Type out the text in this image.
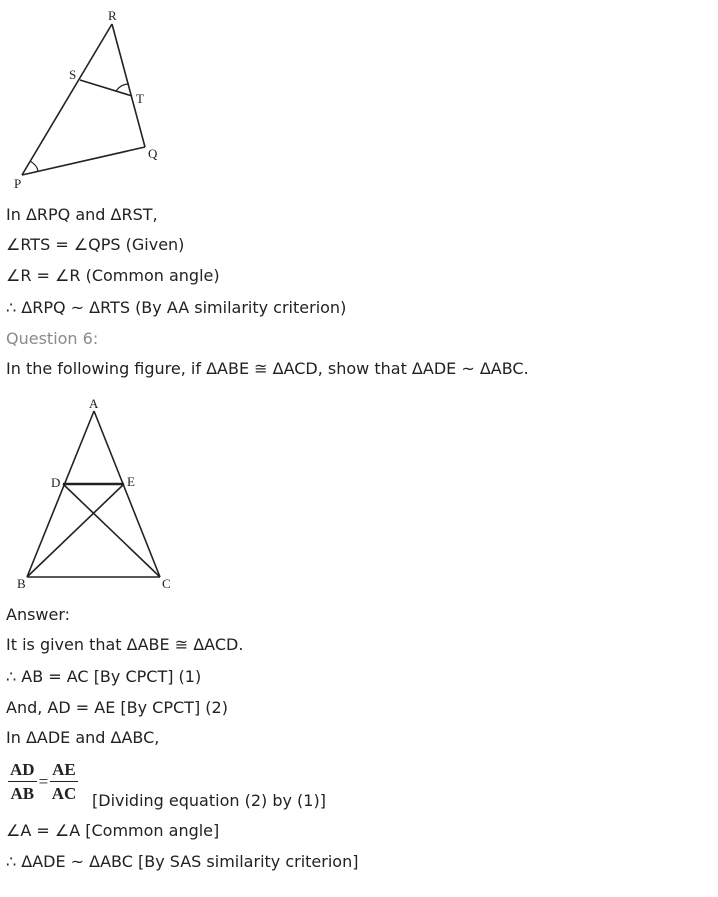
R
S
T
Q
P
In ΔRPQ and ΔRST,
∠RTS = ∠QPS (Given)
∠R = ∠R (Common angle)
∴ ΔRPQ ~ ΔRTS (By AA similarity criterion)
Question 6:
In the following figure, if ΔABE ≅ ΔACD, show that ΔADE ~ ΔABC.
A
D	E
B	C
Answer:
It is given that ΔABE ≅ ΔACD.
∴ AB = AC [By CPCT] (1)
And, AD = AE [By CPCT] (2)
In ΔADE and ΔABC,
$\frac{AD}{AB} = \frac{AE}{AC}$ [Dividing equation (2) by (1)]
∠A = ∠A [Common angle]
∴ ΔADE ~ ΔABC [By SAS similarity criterion]
